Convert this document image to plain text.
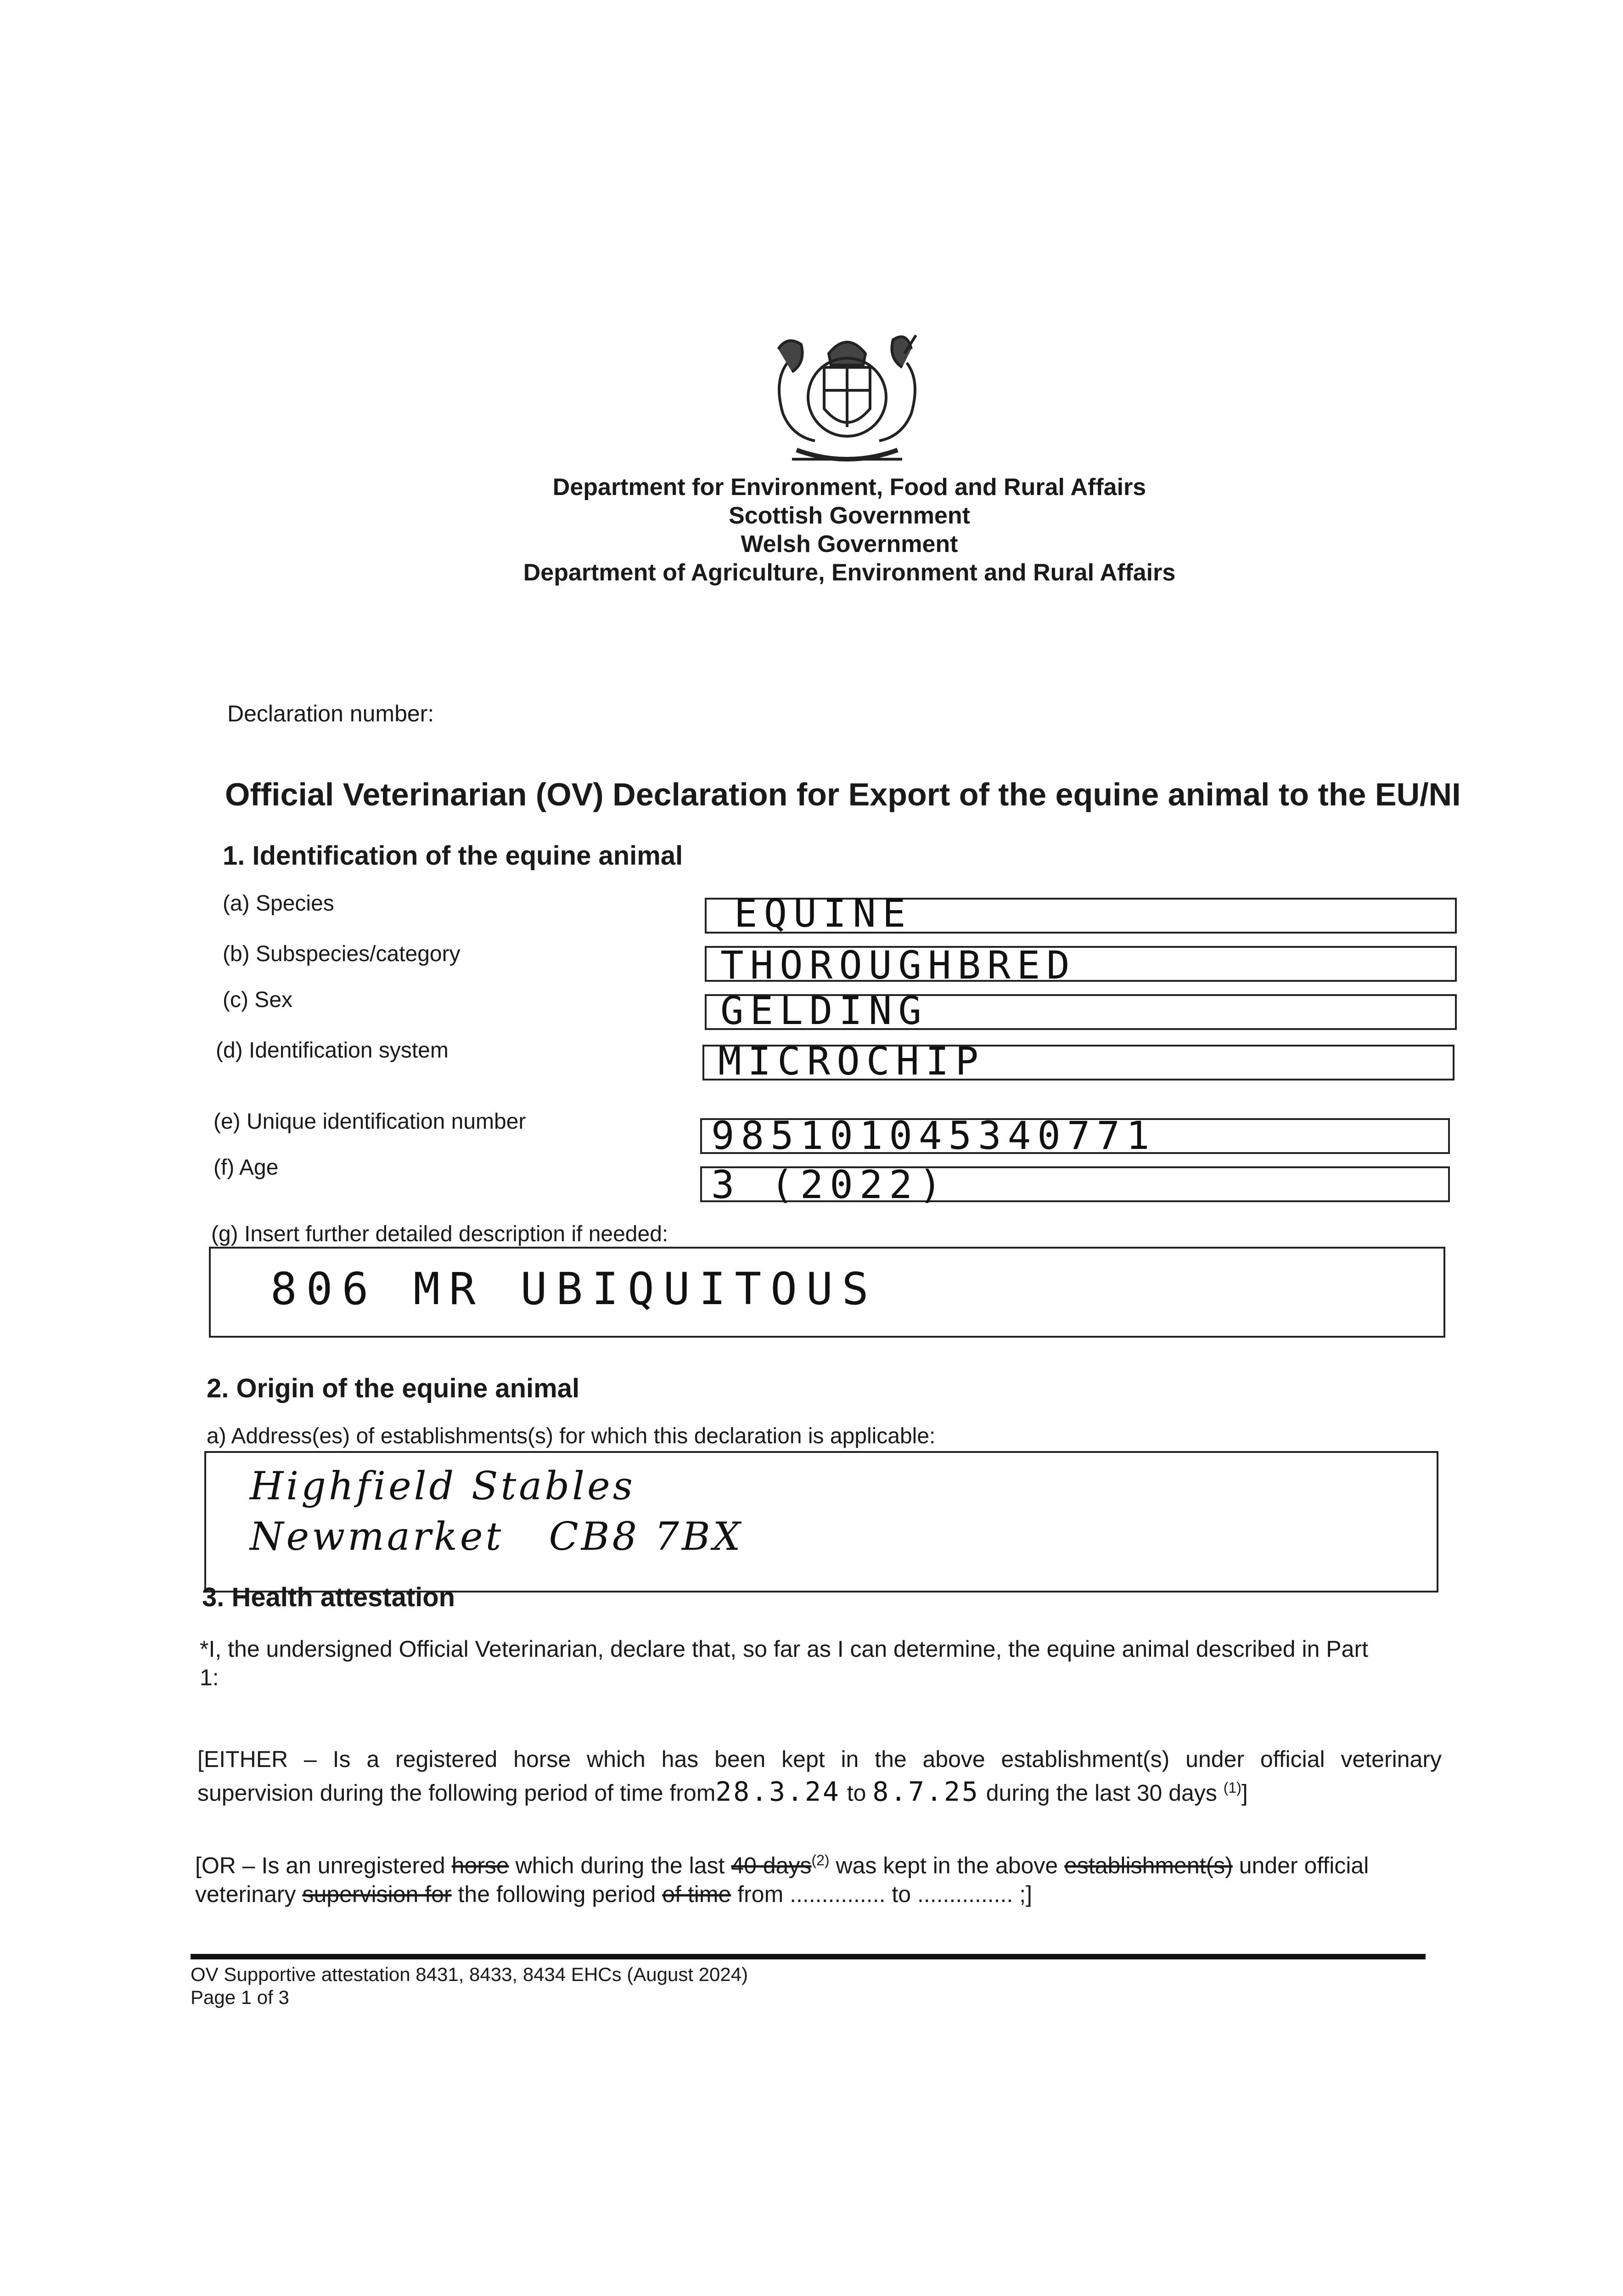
Department for Environment, Food and Rural Affairs
Scottish Government
Welsh Government
Department of Agriculture, Environment and Rural Affairs
Declaration number:
Official Veterinarian (OV) Declaration for Export of the equine animal to the EU/NI
1. Identification of the equine animal
(a) Species	EQUINE
(b) Subspecies/category	THOROUGHBRED
(c) Sex	GELDING
(d) Identification system	MICROCHIP
(e) Unique identification number	985101045340771
(f) Age	3 (2022)
(g) Insert further detailed description if needed:
806 MR UBIQUITOUS
2. Origin of the equine animal
a) Address(es) of establishments(s) for which this declaration is applicable:
Highfield Stables
Newmarket   CB8 7BX
3. Health attestation
*I, the undersigned Official Veterinarian, declare that, so far as I can determine, the equine animal described in Part
1:
[EITHER – Is a registered horse which has been kept in the above establishment(s) under official veterinary
supervision during the following period of time from28.3.24 to 8.7.25 during the last 30 days $^{(1)}$]
[OR – Is an unregistered horse which during the last 40 days$^{(2)}$ was kept in the above establishment(s) under official
veterinary supervision for the following period of time from ............... to ............... ;]
OV Supportive attestation 8431, 8433, 8434 EHCs (August 2024)
Page 1 of 3
